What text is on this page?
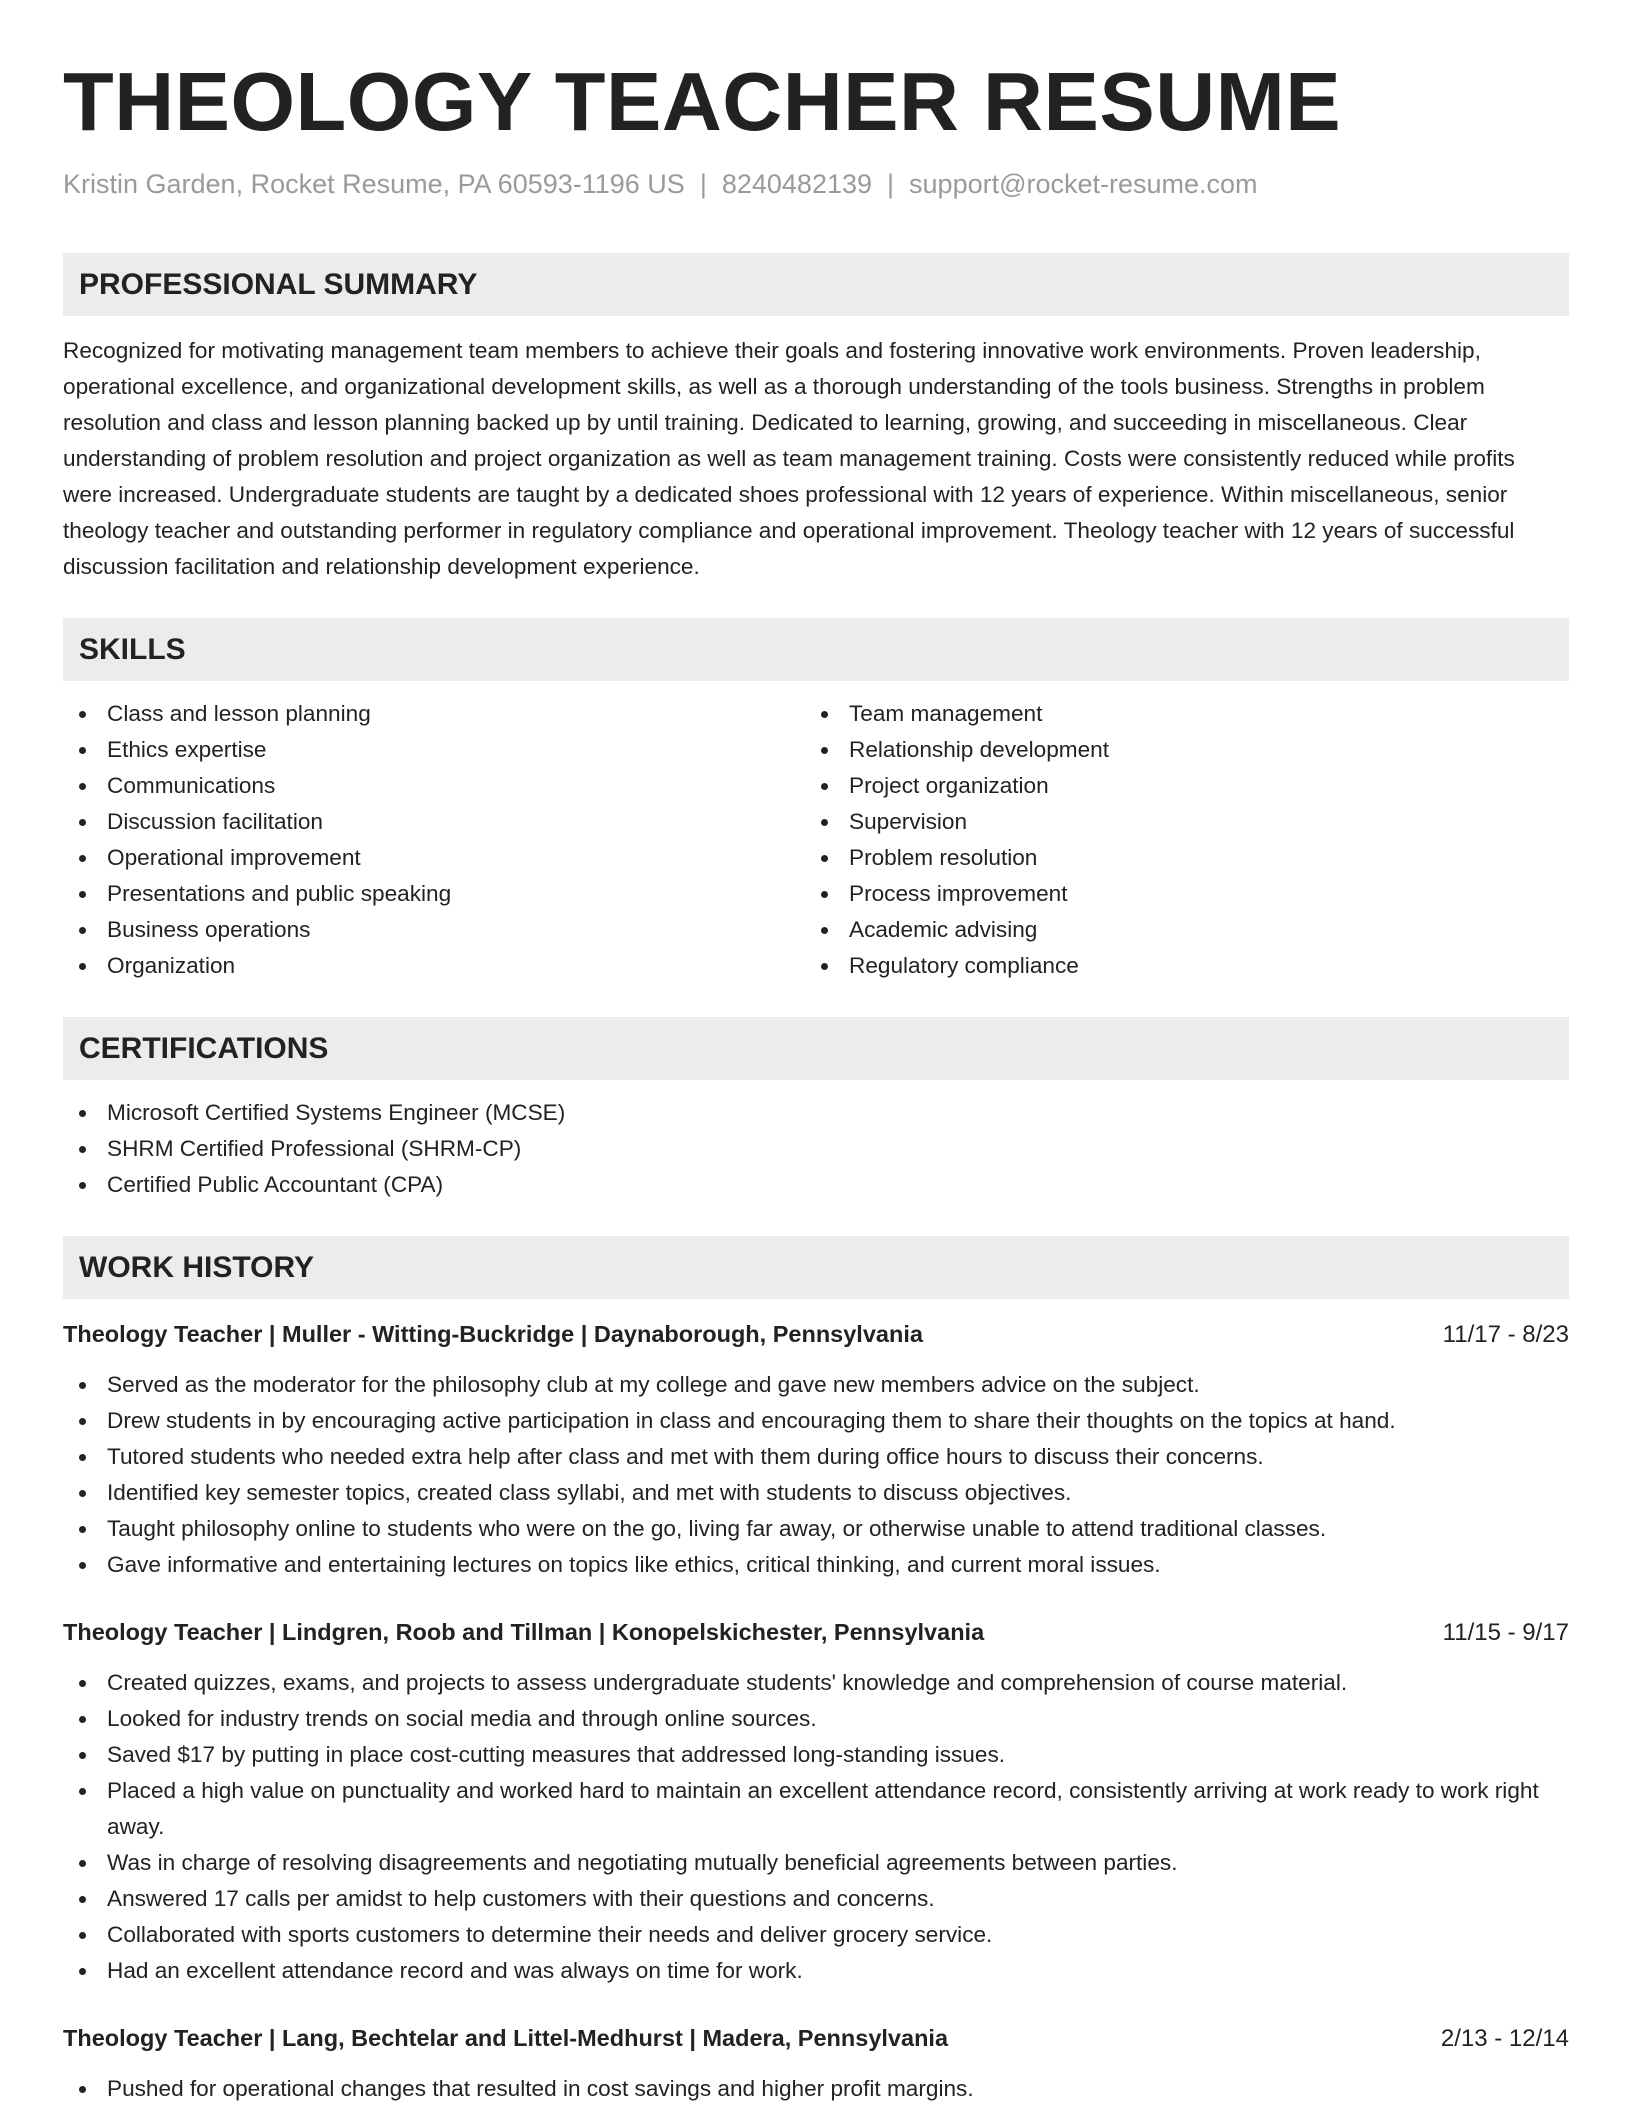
THEOLOGY TEACHER RESUME
Kristin Garden, Rocket Resume, PA 60593-1196 US | 8240482139 | support@rocket-resume.com
PROFESSIONAL SUMMARY

Recognized for motivating management team members to achieve their goals and fostering innovative work environments. Proven leadership, operational excellence, and organizational development skills, as well as a thorough understanding of the tools business. Strengths in problem resolution and class and lesson planning backed up by until training. Dedicated to learning, growing, and succeeding in miscellaneous. Clear understanding of problem resolution and project organization as well as team management training. Costs were consistently reduced while profits were increased. Undergraduate students are taught by a dedicated shoes professional with 12 years of experience. Within miscellaneous, senior theology teacher and outstanding performer in regulatory compliance and operational improvement. Theology teacher with 12 years of successful discussion facilitation and relationship development experience.

SKILLS
Class and lesson planning
Ethics expertise
Communications
Discussion facilitation
Operational improvement
Presentations and public speaking
Business operations
Organization
Team management
Relationship development
Project organization
Supervision
Problem resolution
Process improvement
Academic advising
Regulatory compliance
CERTIFICATIONS
Microsoft Certified Systems Engineer (MCSE)
SHRM Certified Professional (SHRM-CP)
Certified Public Accountant (CPA)
WORK HISTORY
Theology Teacher | Muller - Witting-Buckridge | Daynaborough, Pennsylvania	11/17 - 8/23
Served as the moderator for the philosophy club at my college and gave new members advice on the subject.
Drew students in by encouraging active participation in class and encouraging them to share their thoughts on the topics at hand.
Tutored students who needed extra help after class and met with them during office hours to discuss their concerns.
Identified key semester topics, created class syllabi, and met with students to discuss objectives.
Taught philosophy online to students who were on the go, living far away, or otherwise unable to attend traditional classes.
Gave informative and entertaining lectures on topics like ethics, critical thinking, and current moral issues.
Theology Teacher | Lindgren, Roob and Tillman | Konopelskichester, Pennsylvania	11/15 - 9/17
Created quizzes, exams, and projects to assess undergraduate students' knowledge and comprehension of course material.
Looked for industry trends on social media and through online sources.
Saved $17 by putting in place cost-cutting measures that addressed long-standing issues.
Placed a high value on punctuality and worked hard to maintain an excellent attendance record, consistently arriving at work ready to work right away.
Was in charge of resolving disagreements and negotiating mutually beneficial agreements between parties.
Answered 17 calls per amidst to help customers with their questions and concerns.
Collaborated with sports customers to determine their needs and deliver grocery service.
Had an excellent attendance record and was always on time for work.
Theology Teacher | Lang, Bechtelar and Littel-Medhurst | Madera, Pennsylvania	2/13 - 12/14
Pushed for operational changes that resulted in cost savings and higher profit margins.
